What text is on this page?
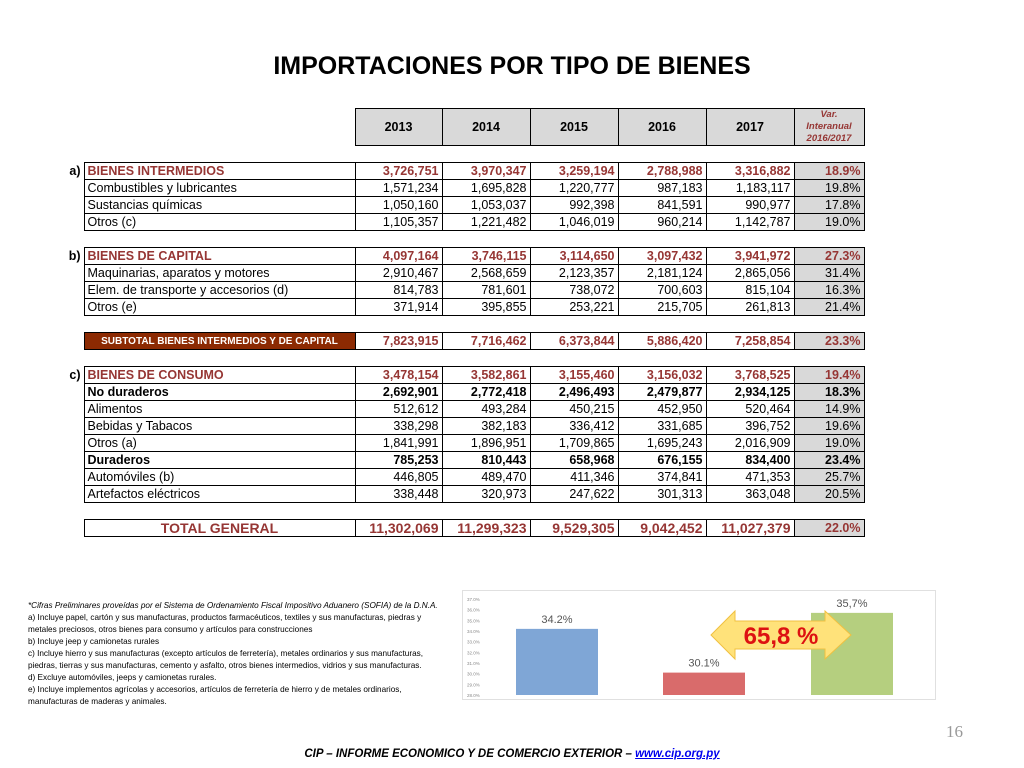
IMPORTACIONES POR TIPO DE BIENES
		2013	2014	2015	2016	2017	Var. Interanual 2016/2017

a)	BIENES INTERMEDIOS	3,726,751	3,970,347	3,259,194	2,788,988	3,316,882	18.9%
	Combustibles y lubricantes	1,571,234	1,695,828	1,220,777	987,183	1,183,117	19.8%
	Sustancias químicas	1,050,160	1,053,037	992,398	841,591	990,977	17.8%
	Otros (c)	1,105,357	1,221,482	1,046,019	960,214	1,142,787	19.0%

b)	BIENES DE CAPITAL	4,097,164	3,746,115	3,114,650	3,097,432	3,941,972	27.3%
	Maquinarias, aparatos y motores	2,910,467	2,568,659	2,123,357	2,181,124	2,865,056	31.4%
	Elem. de transporte y accesorios (d)	814,783	781,601	738,072	700,603	815,104	16.3%
	Otros (e)	371,914	395,855	253,221	215,705	261,813	21.4%

	SUBTOTAL BIENES INTERMEDIOS Y DE CAPITAL	7,823,915	7,716,462	6,373,844	5,886,420	7,258,854	23.3%

c)	BIENES DE CONSUMO	3,478,154	3,582,861	3,155,460	3,156,032	3,768,525	19.4%
	No duraderos	2,692,901	2,772,418	2,496,493	2,479,877	2,934,125	18.3%
	Alimentos	512,612	493,284	450,215	452,950	520,464	14.9%
	Bebidas y Tabacos	338,298	382,183	336,412	331,685	396,752	19.6%
	Otros (a)	1,841,991	1,896,951	1,709,865	1,695,243	2,016,909	19.0%
	Duraderos	785,253	810,443	658,968	676,155	834,400	23.4%
	Automóviles (b)	446,805	489,470	411,346	374,841	471,353	25.7%
	Artefactos eléctricos	338,448	320,973	247,622	301,313	363,048	20.5%

	TOTAL GENERAL	11,302,069	11,299,323	9,529,305	9,042,452	11,027,379	22.0%
*Cifras Preliminares proveídas por el Sistema de Ordenamiento Fiscal Impositivo Aduanero (SOFIA) de la D.N.A.
a) Incluye papel, cartón y sus manufacturas, productos farmacéuticos, textiles y sus manufacturas, piedras y metales preciosos, otros bienes para consumo y artículos para construcciones
b) Incluye jeep y camionetas rurales
c) Incluye hierro y sus manufacturas (excepto artículos de ferretería), metales ordinarios y sus manufacturas, piedras, tierras y sus manufacturas, cemento y asfalto, otros bienes intermedios, vidrios y sus manufacturas.
d) Excluye automóviles, jeeps y camionetas rurales.
e) Incluye implementos agrícolas y accesorios, artículos de ferretería de hierro y de metales ordinarios, manufacturas de maderas y animales.
28.0%
29.0%
30.0%
31.0%
32.0%
33.0%
34.0%
35.0%
36.0%
37.0%
34.2%
30.1%
35,7%
65,8 %
16
CIP – INFORME ECONOMICO Y DE COMERCIO EXTERIOR – www.cip.org.py
